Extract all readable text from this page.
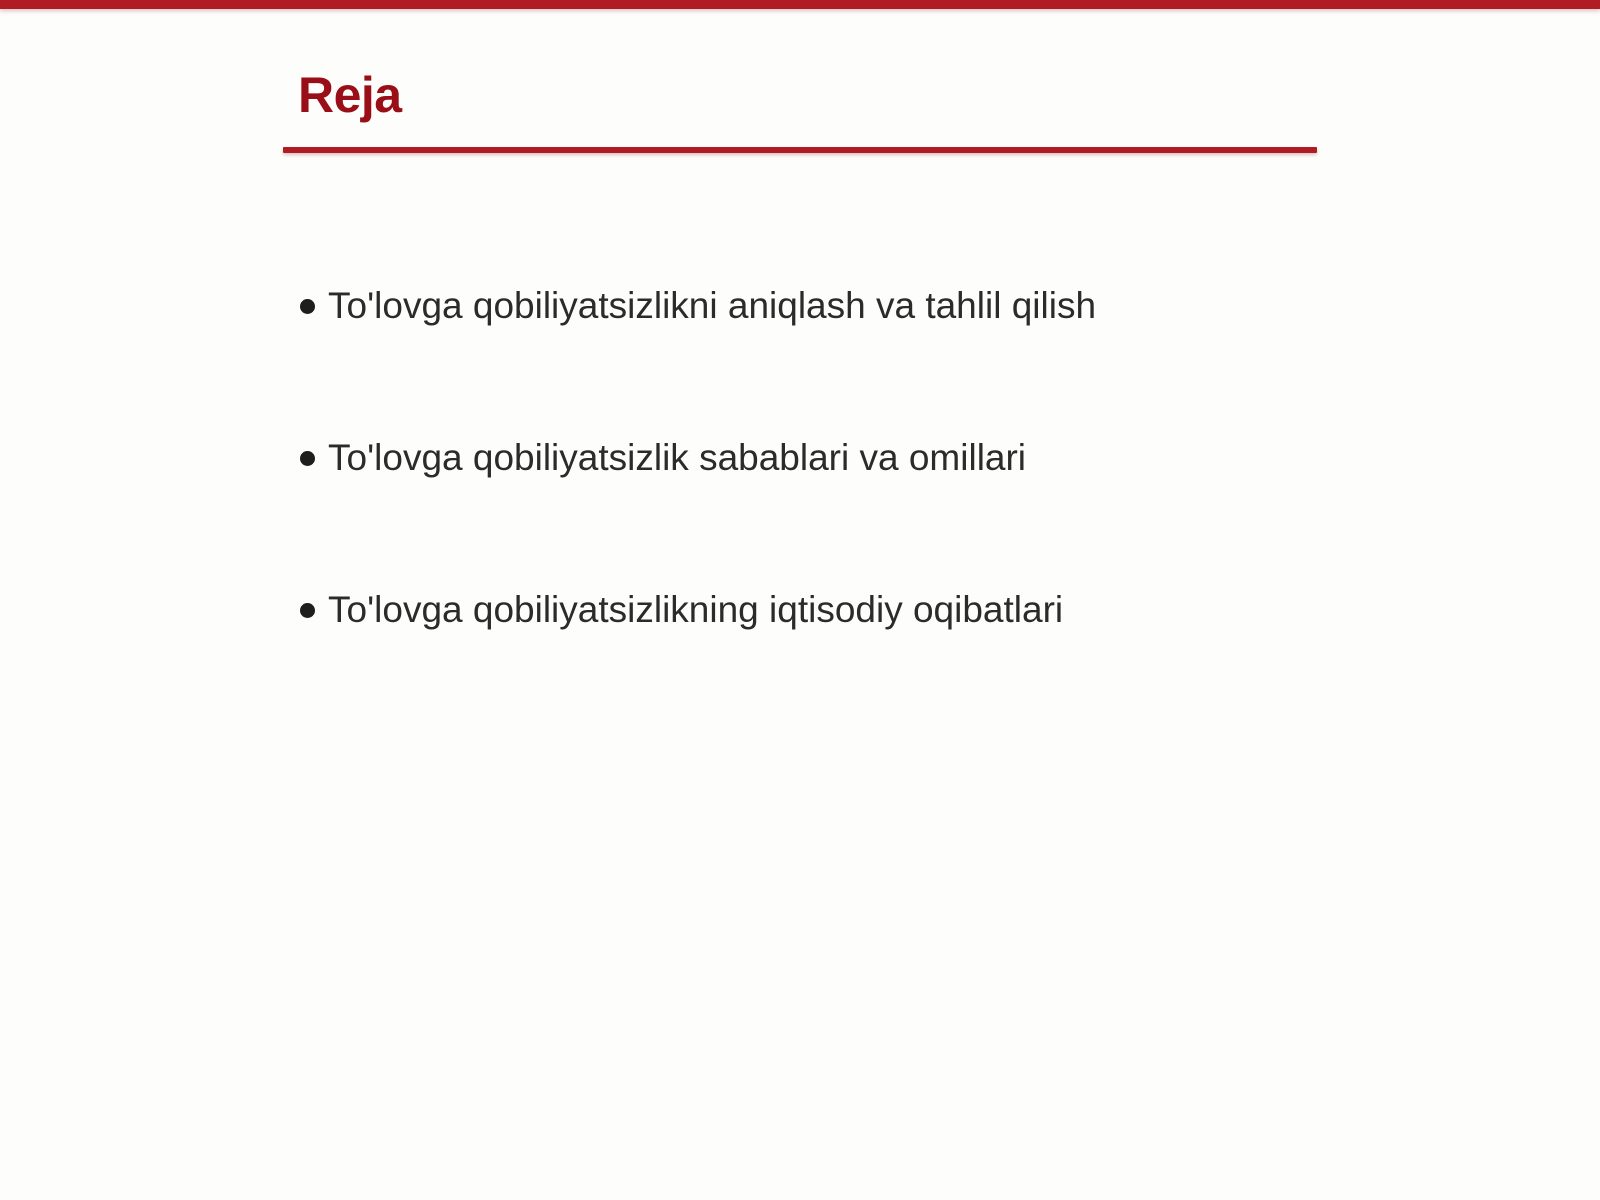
Reja
To'lovga qobiliyatsizlikni aniqlash va tahlil qilish
To'lovga qobiliyatsizlik sabablari va omillari
To'lovga qobiliyatsizlikning iqtisodiy oqibatlari
